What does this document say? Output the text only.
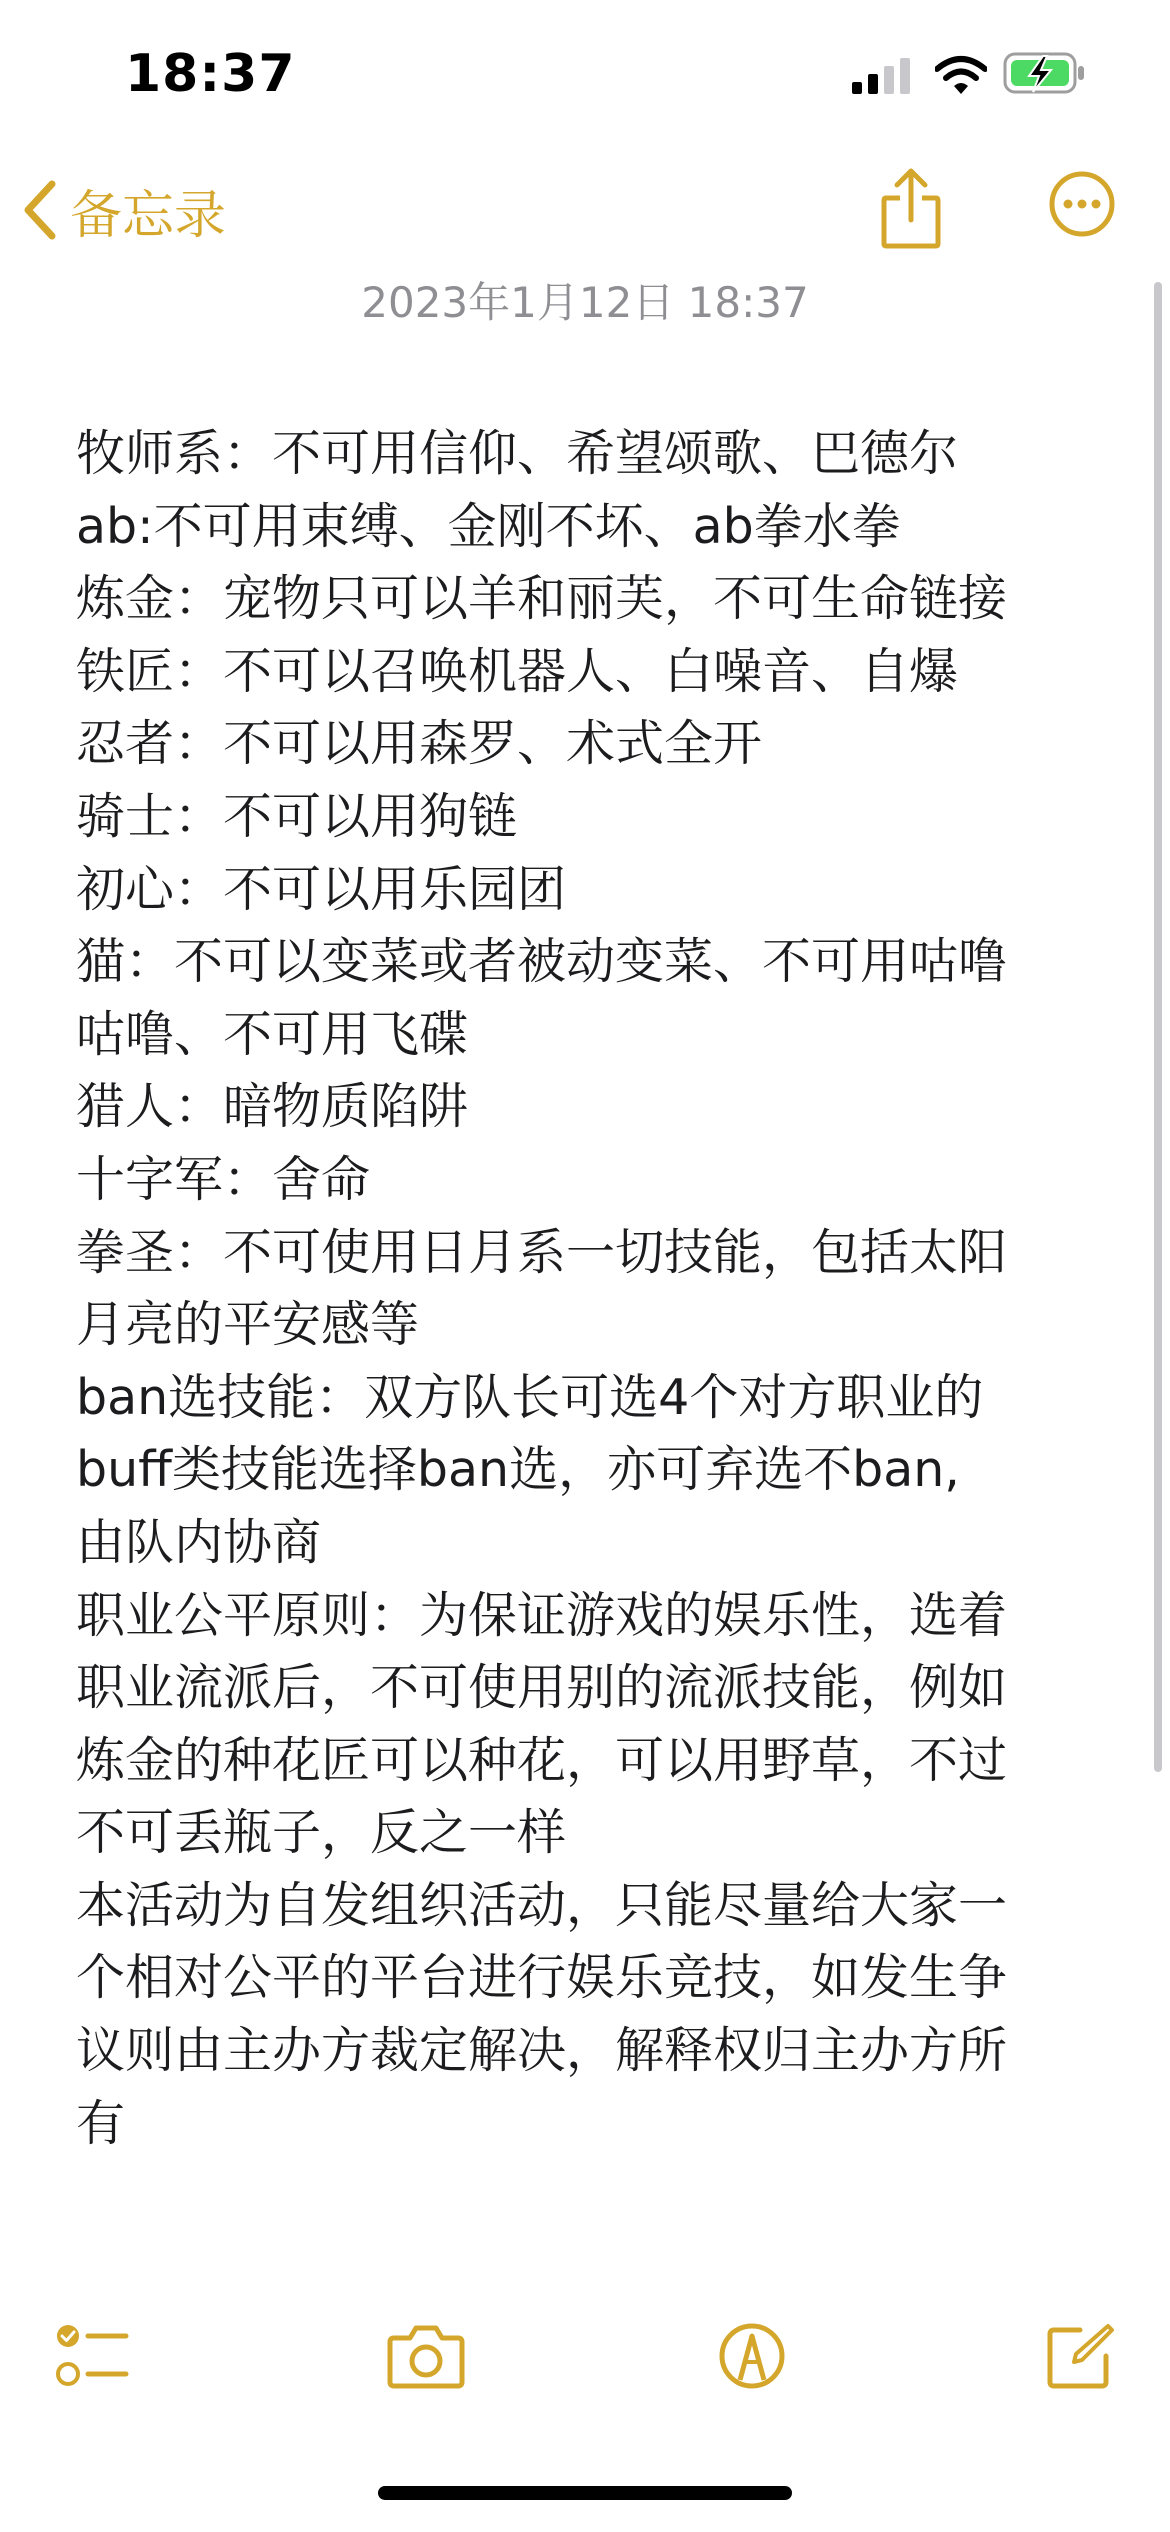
18:37
备忘录
2023年1月12日 18:37
牧师系：不可用信仰、希望颂歌、巴德尔
ab:不可用束缚、金刚不坏、ab拳水拳
炼金：宠物只可以羊和丽芙，不可生命链接
铁匠：不可以召唤机器人、白噪音、自爆
忍者：不可以用森罗、术式全开
骑士：不可以用狗链
初心：不可以用乐园团
猫：不可以变菜或者被动变菜、不可用咕噜
咕噜、不可用飞碟
猎人：暗物质陷阱
十字军：舍命
拳圣：不可使用日月系一切技能，包括太阳
月亮的平安感等
ban选技能：双方队长可选4个对方职业的
buff类技能选择ban选，亦可弃选不ban,
由队内协商
职业公平原则：为保证游戏的娱乐性，选着
职业流派后，不可使用别的流派技能，例如
炼金的种花匠可以种花，可以用野草，不过
不可丢瓶子，反之一样
本活动为自发组织活动，只能尽量给大家一
个相对公平的平台进行娱乐竞技，如发生争
议则由主办方裁定解决，解释权归主办方所
有
